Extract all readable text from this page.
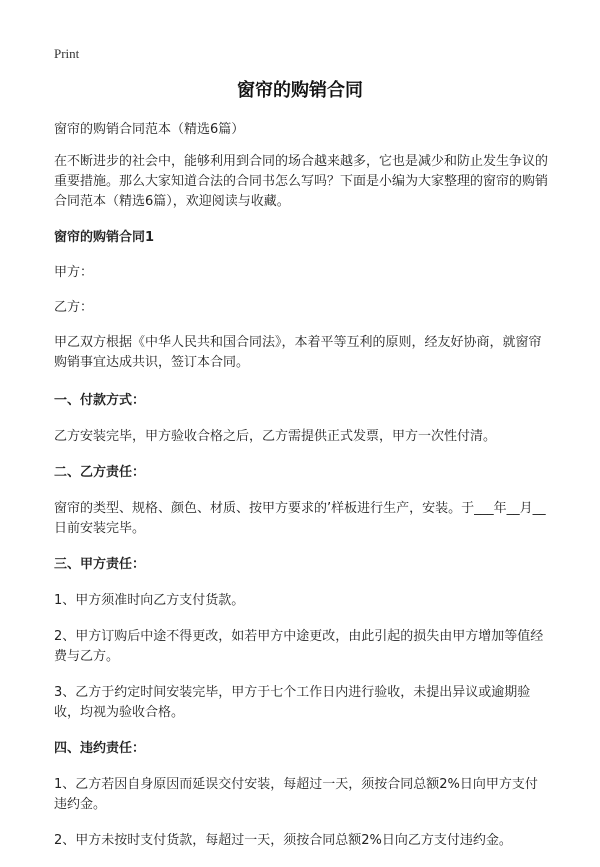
Print
窗帘的购销合同

窗帘的购销合同范本（精选6篇）

在不断进步的社会中，能够利用到合同的场合越来越多，它也是减少和防止发生争议的重要措施。那么大家知道合法的合同书怎么写吗？下面是小编为大家整理的窗帘的购销合同范本（精选6篇），欢迎阅读与收藏。

窗帘的购销合同1

甲方：

乙方：

甲乙双方根据《中华人民共和国合同法》，本着平等互利的原则，经友好协商，就窗帘购销事宜达成共识，签订本合同。

一、付款方式：

乙方安装完毕，甲方验收合格之后，乙方需提供正式发票，甲方一次性付清。

二、乙方责任：

窗帘的类型、规格、颜色、材质、按甲方要求的’样板进行生产，安装。于___年__月__日前安装完毕。

三、甲方责任：

1、甲方须准时向乙方支付货款。

2、甲方订购后中途不得更改，如若甲方中途更改，由此引起的损失由甲方增加等值经费与乙方。

3、乙方于约定时间安装完毕，甲方于七个工作日内进行验收，未提出异议或逾期验收，均视为验收合格。

四、违约责任：

1、乙方若因自身原因而延误交付安装，每超过一天，须按合同总额2%日向甲方支付违约金。

2、甲方未按时支付货款，每超过一天，须按合同总额2%日向乙方支付违约金。
